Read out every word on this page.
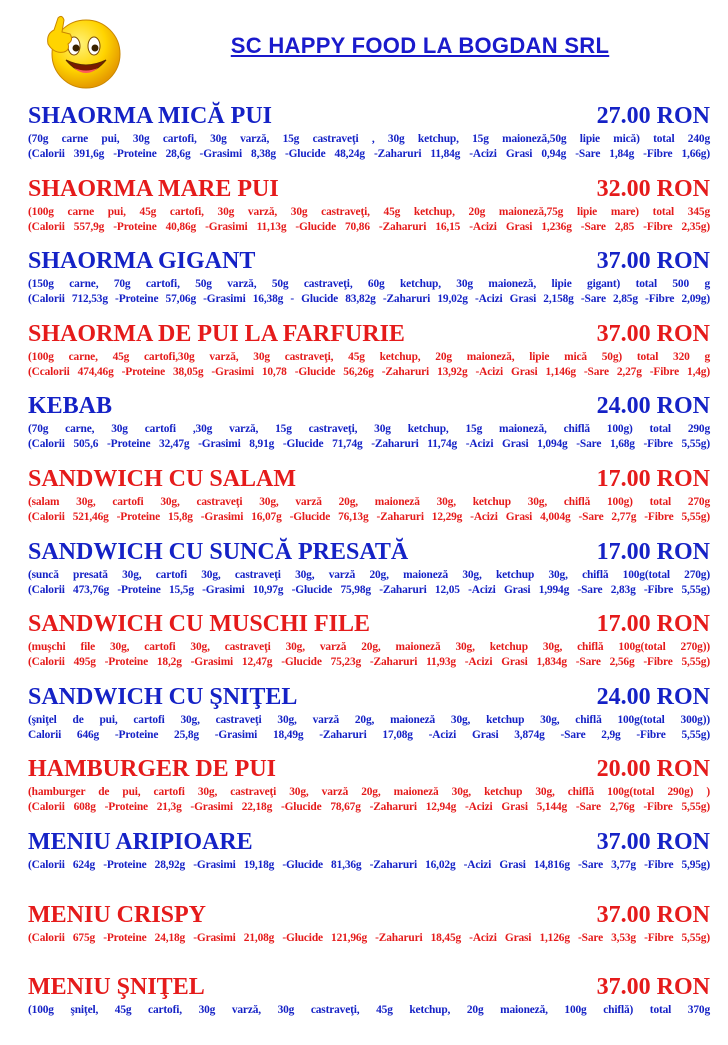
SC HAPPY FOOD LA BOGDAN SRL
SHAORMA MICĂ PUI	27.00 RON
(70g carne pui, 30g cartofi, 30g varză, 15g castraveţi , 30g ketchup, 15g maioneză,50g lipie mică) total 240g
(Calorii 391,6g -Proteine 28,6g -Grasimi 8,38g -Glucide 48,24g -Zaharuri 11,84g -Acizi Grasi 0,94g -Sare 1,84g -Fibre 1,66g)
SHAORMA MARE PUI	32.00 RON
(100g carne pui, 45g cartofi, 30g varză, 30g castraveţi, 45g ketchup, 20g maioneză,75g lipie mare) total 345g
(Calorii 557,9g -Proteine 40,86g -Grasimi 11,13g -Glucide 70,86 -Zaharuri 16,15 -Acizi Grasi 1,236g -Sare 2,85 -Fibre 2,35g)
SHAORMA GIGANT	37.00 RON
(150g carne, 70g cartofi, 50g varză, 50g castraveţi, 60g ketchup, 30g maioneză, lipie gigant) total 500 g
(Calorii 712,53g -Proteine 57,06g -Grasimi 16,38g - Glucide 83,82g -Zaharuri 19,02g -Acizi Grasi 2,158g -Sare 2,85g -Fibre 2,09g)
SHAORMA DE PUI LA FARFURIE	37.00 RON
(100g carne, 45g cartofi,30g varză, 30g castraveţi, 45g ketchup, 20g maioneză, lipie mică 50g) total 320 g
(Ccalorii 474,46g -Proteine 38,05g -Grasimi 10,78 -Glucide 56,26g -Zaharuri 13,92g -Acizi Grasi 1,146g -Sare 2,27g -Fibre 1,4g)
KEBAB	24.00 RON
(70g carne, 30g cartofi ,30g varză, 15g castraveţi, 30g ketchup, 15g maioneză, chiflă 100g) total 290g
(Calorii 505,6 -Proteine 32,47g -Grasimi 8,91g -Glucide 71,74g -Zaharuri 11,74g -Acizi Grasi 1,094g -Sare 1,68g -Fibre 5,55g)
SANDWICH CU SALAM	17.00 RON
(salam 30g, cartofi 30g, castraveţi 30g, varză 20g, maioneză 30g, ketchup 30g, chiflă 100g) total 270g
(Calorii 521,46g -Proteine 15,8g -Grasimi 16,07g -Glucide 76,13g -Zaharuri 12,29g -Acizi Grasi 4,004g -Sare 2,77g -Fibre 5,55g)
SANDWICH CU SUNCĂ PRESATĂ	17.00 RON
(suncă presată 30g, cartofi 30g, castraveţi 30g, varză 20g, maioneză 30g, ketchup 30g, chiflă 100g(total 270g)
(Calorii 473,76g -Proteine 15,5g -Grasimi 10,97g -Glucide 75,98g -Zaharuri 12,05 -Acizi Grasi 1,994g -Sare 2,83g -Fibre 5,55g)
SANDWICH CU MUSCHI FILE	17.00 RON
(muşchi file 30g, cartofi 30g, castraveţi 30g, varză 20g, maioneză 30g, ketchup 30g, chiflă 100g(total 270g))
(Calorii 495g -Proteine 18,2g -Grasimi 12,47g -Glucide 75,23g -Zaharuri 11,93g -Acizi Grasi 1,834g -Sare 2,56g -Fibre 5,55g)
SANDWICH CU ŞNIŢEL	24.00 RON
(şniţel de pui, cartofi 30g, castraveţi 30g, varză 20g, maioneză 30g, ketchup 30g, chiflă 100g(total 300g))
Calorii 646g -Proteine 25,8g -Grasimi 18,49g -Zaharuri 17,08g -Acizi Grasi 3,874g -Sare 2,9g -Fibre 5,55g)
HAMBURGER DE PUI	20.00 RON
(hamburger de pui, cartofi 30g, castraveţi 30g, varză 20g, maioneză 30g, ketchup 30g, chiflă 100g(total 290g) )
(Calorii 608g -Proteine 21,3g -Grasimi 22,18g -Glucide 78,67g -Zaharuri 12,94g -Acizi Grasi 5,144g -Sare 2,76g -Fibre 5,55g)
MENIU ARIPIOARE	37.00 RON
(Calorii 624g -Proteine 28,92g -Grasimi 19,18g -Glucide 81,36g -Zaharuri 16,02g -Acizi Grasi 14,816g -Sare 3,77g -Fibre 5,95g)
MENIU CRISPY	37.00 RON
(Calorii 675g -Proteine 24,18g -Grasimi 21,08g -Glucide 121,96g -Zaharuri 18,45g -Acizi Grasi 1,126g -Sare 3,53g -Fibre 5,55g)
MENIU ŞNIŢEL	37.00 RON
(100g şniţel, 45g cartofi, 30g varză, 30g castraveţi, 45g ketchup, 20g maioneză, 100g chiflă) total 370g
